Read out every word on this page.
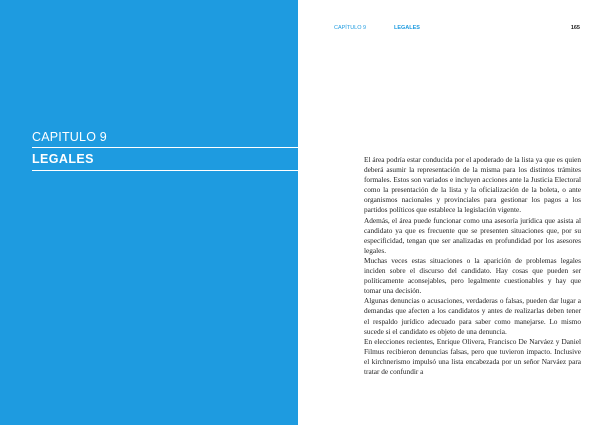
CAPITULO 9
LEGALES
CAPÍTULO 9	LEGALES	165

El área podría estar conducida por el apoderado de la lista ya que es quien deberá asumir la representación de la misma para los distintos trámites formales. Estos son variados e incluyen acciones ante la Justicia Electoral como la presentación de la lista y la oficialización de la boleta, o ante organismos nacionales y provinciales para gestionar los pagos a los partidos políticos que establece la legislación vigente.

Además, el área puede funcionar como una asesoría jurídica que asista al candidato ya que es frecuente que se presenten situaciones que, por su especificidad, tengan que ser analizadas en profundidad por los asesores legales.

Muchas veces estas situaciones o la aparición de problemas legales inciden sobre el discurso del candidato. Hay cosas que pueden ser políticamente aconsejables, pero legalmente cuestionables y hay que tomar una decisión.

Algunas denuncias o acusaciones, verdaderas o falsas, pueden dar lugar a demandas que afecten a los candidatos y antes de realizarlas deben tener el respaldo jurídico adecuado para saber como manejarse. Lo mismo sucede si el candidato es objeto de una denuncia.

En elecciones recientes, Enrique Olivera, Francisco De Narváez y Daniel Filmus recibieron denuncias falsas, pero que tuvieron impacto. Inclusive el kirchnerismo impulsó una lista encabezada por un señor Narváez para tratar de confundir a
